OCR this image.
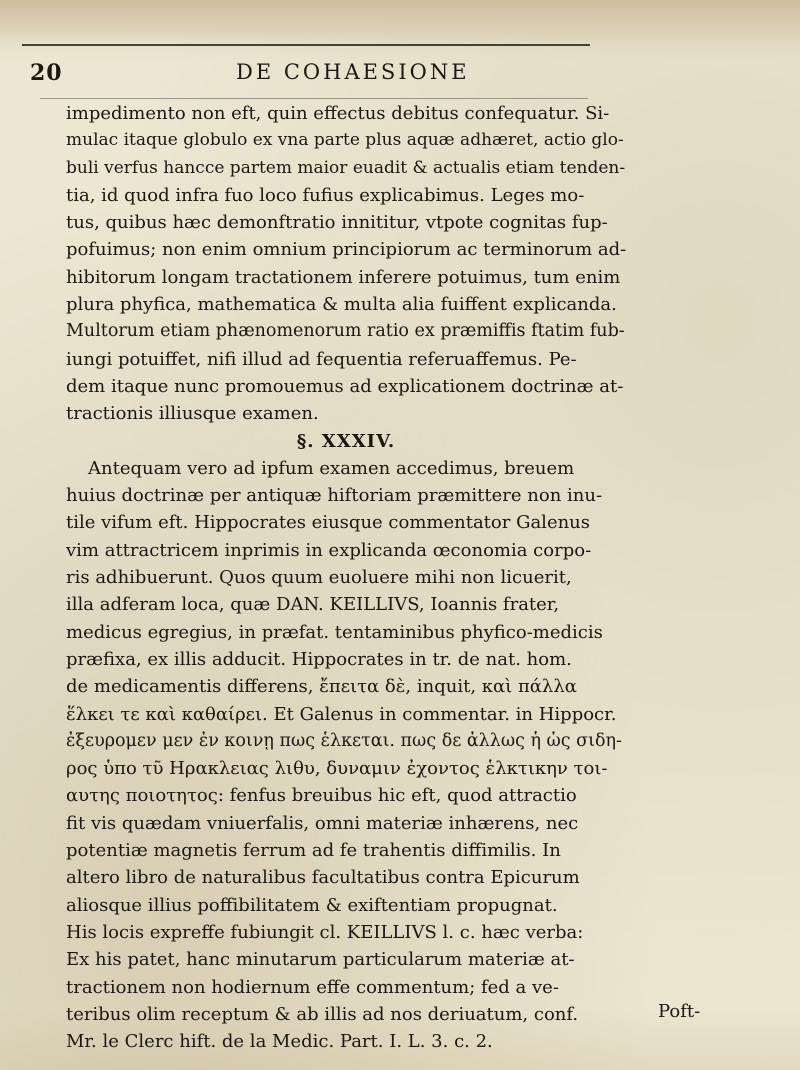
20	DE COHAESIONE
impedimento non eft, quin effectus debitus confequatur. Si-
mulac itaque globulo ex vna parte plus aquæ adhæret, actio glo-
buli verfus hancce partem maior euadit & actualis etiam tenden-
tia, id quod infra fuo loco fufius explicabimus. Leges mo-
tus, quibus hæc demonftratio innititur, vtpote cognitas fup-
pofuimus; non enim omnium principiorum ac terminorum ad-
hibitorum longam tractationem inferere potuimus, tum enim
plura phyfica, mathematica & multa alia fuiffent explicanda.
Multorum etiam phænomenorum ratio ex præmiffis ftatim fub-
iungi potuiffet, nifi illud ad fequentia referuaffemus. Pe-
dem itaque nunc promouemus ad explicationem doctrinæ at-
tractionis illiusque examen.
§. XXXIV.
Antequam vero ad ipfum examen accedimus, breuem
huius doctrinæ per antiquæ hiftoriam præmittere non inu-
tile vifum eft. Hippocrates eiusque commentator Galenus
vim attractricem inprimis in explicanda œconomia corpo-
ris adhibuerunt. Quos quum euoluere mihi non licuerit,
illa adferam loca, quæ DAN. KEILLIVS, Ioannis frater,
medicus egregius, in præfat. tentaminibus phyfico-medicis
præfixa, ex illis adducit. Hippocrates in tr. de nat. hom.
de medicamentis differens, ἔπειτα δὲ, inquit, καὶ πάλλα
ἕλκει τε καὶ καθαίρει. Et Galenus in commentar. in Hippocr.
ἐξευρομεν μεν ἐν κοινῃ πως ἑλκεται. πως δε ἀλλως ἡ ὡς σιδη-
ρος ὑπο τῦ Ηρακλειας λιθυ, δυναμιν ἐχοντος ἑλκτικην τοι-
αυτης ποιοτητος: fenfus breuibus hic eft, quod attractio
fit vis quædam vniuerfalis, omni materiæ inhærens, nec
potentiæ magnetis ferrum ad fe trahentis diffimilis. In
altero libro de naturalibus facultatibus contra Epicurum
aliosque illius poffibilitatem & exiftentiam propugnat.
His locis expreffe fubiungit cl. KEILLIVS l. c. hæc verba:
Ex his patet, hanc minutarum particularum materiæ at-
tractionem non hodiernum effe commentum; fed a ve-
teribus olim receptum & ab illis ad nos deriuatum, conf.
Mr. le Clerc hift. de la Medic. Part. I. L. 3. c. 2.
Poft-
